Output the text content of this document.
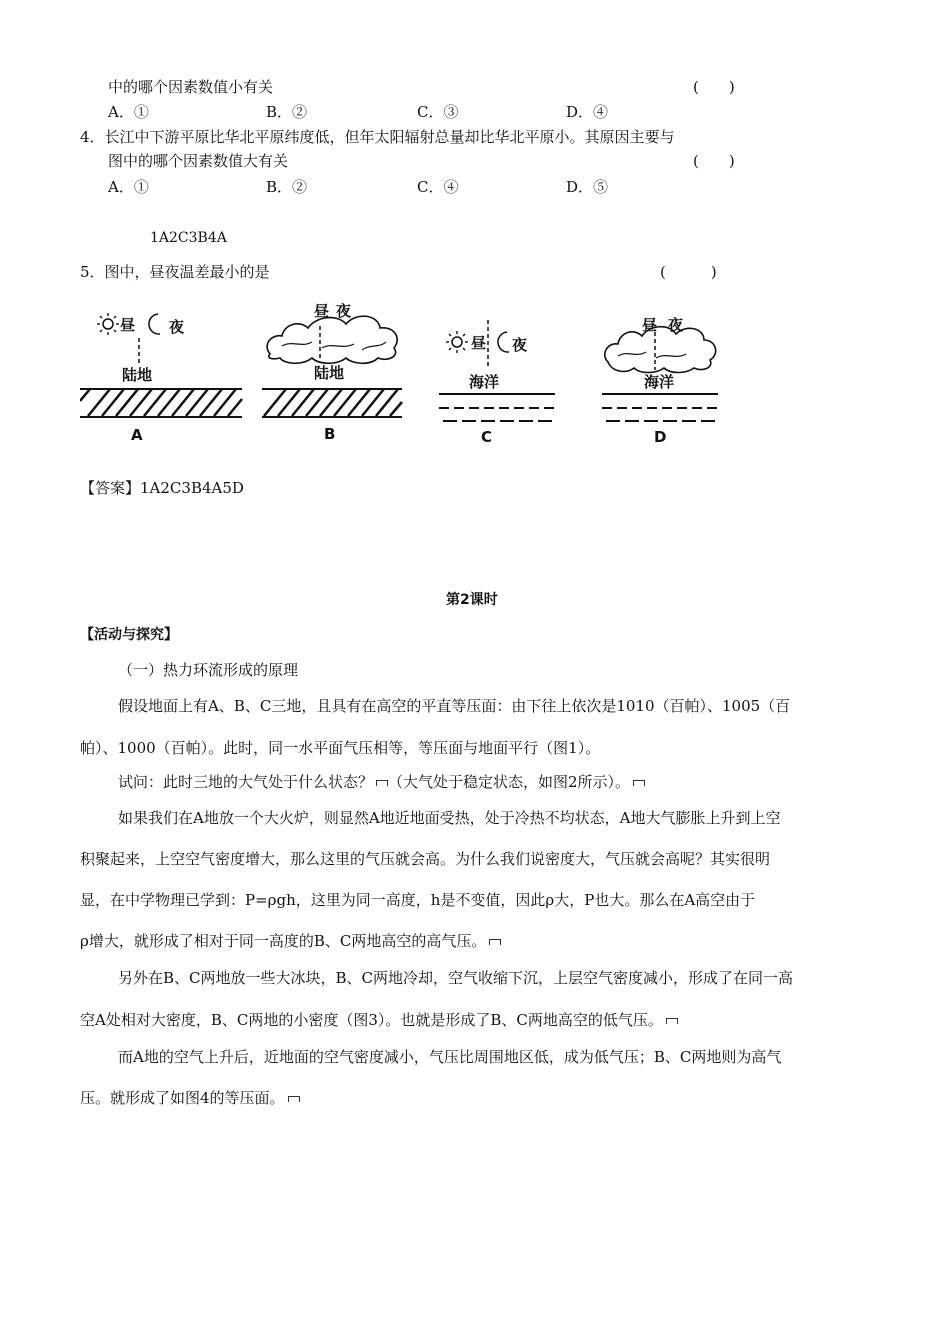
中的哪个因素数值小有关	(　　)
A．①	B．②	C．③	D．④
4．长江中下游平原比华北平原纬度低，但年太阳辐射总量却比华北平原小。其原因主要与
图中的哪个因素数值大有关	(　　)
A．①	B．②	C．④	D．⑤
1A2C3B4A
5．图中，昼夜温差最小的是	(　　　)
昼 夜
陆地
A
昼 夜
陆地
B
昼 夜
海洋
C
昼 夜
海洋
D
【答案】1A2C3B4A5D
第2课时
【活动与探究】
（一）热力环流形成的原理
假设地面上有A、B、C三地，且具有在高空的平直等压面：由下往上依次是1010（百帕）、1005（百
帕）、1000（百帕）。此时，同一水平面气压相等，等压面与地面平行（图1）。
试问：此时三地的大气处于什么状态？ （大气处于稳定状态，如图2所示）。
如果我们在A地放一个大火炉，则显然A地近地面受热，处于冷热不均状态，A地大气膨胀上升到上空
积聚起来，上空空气密度增大，那么这里的气压就会高。为什么我们说密度大，气压就会高呢？其实很明
显，在中学物理已学到：P=ρgh，这里为同一高度，h是不变值，因此ρ大，P也大。那么在A高空由于
ρ增大，就形成了相对于同一高度的B、C两地高空的高气压。
另外在B、C两地放一些大冰块，B、C两地冷却，空气收缩下沉，上层空气密度减小，形成了在同一高
空A处相对大密度，B、C两地的小密度（图3）。也就是形成了B、C两地高空的低气压。
而A地的空气上升后，近地面的空气密度减小，气压比周围地区低，成为低气压；B、C两地则为高气
压。就形成了如图4的等压面。
